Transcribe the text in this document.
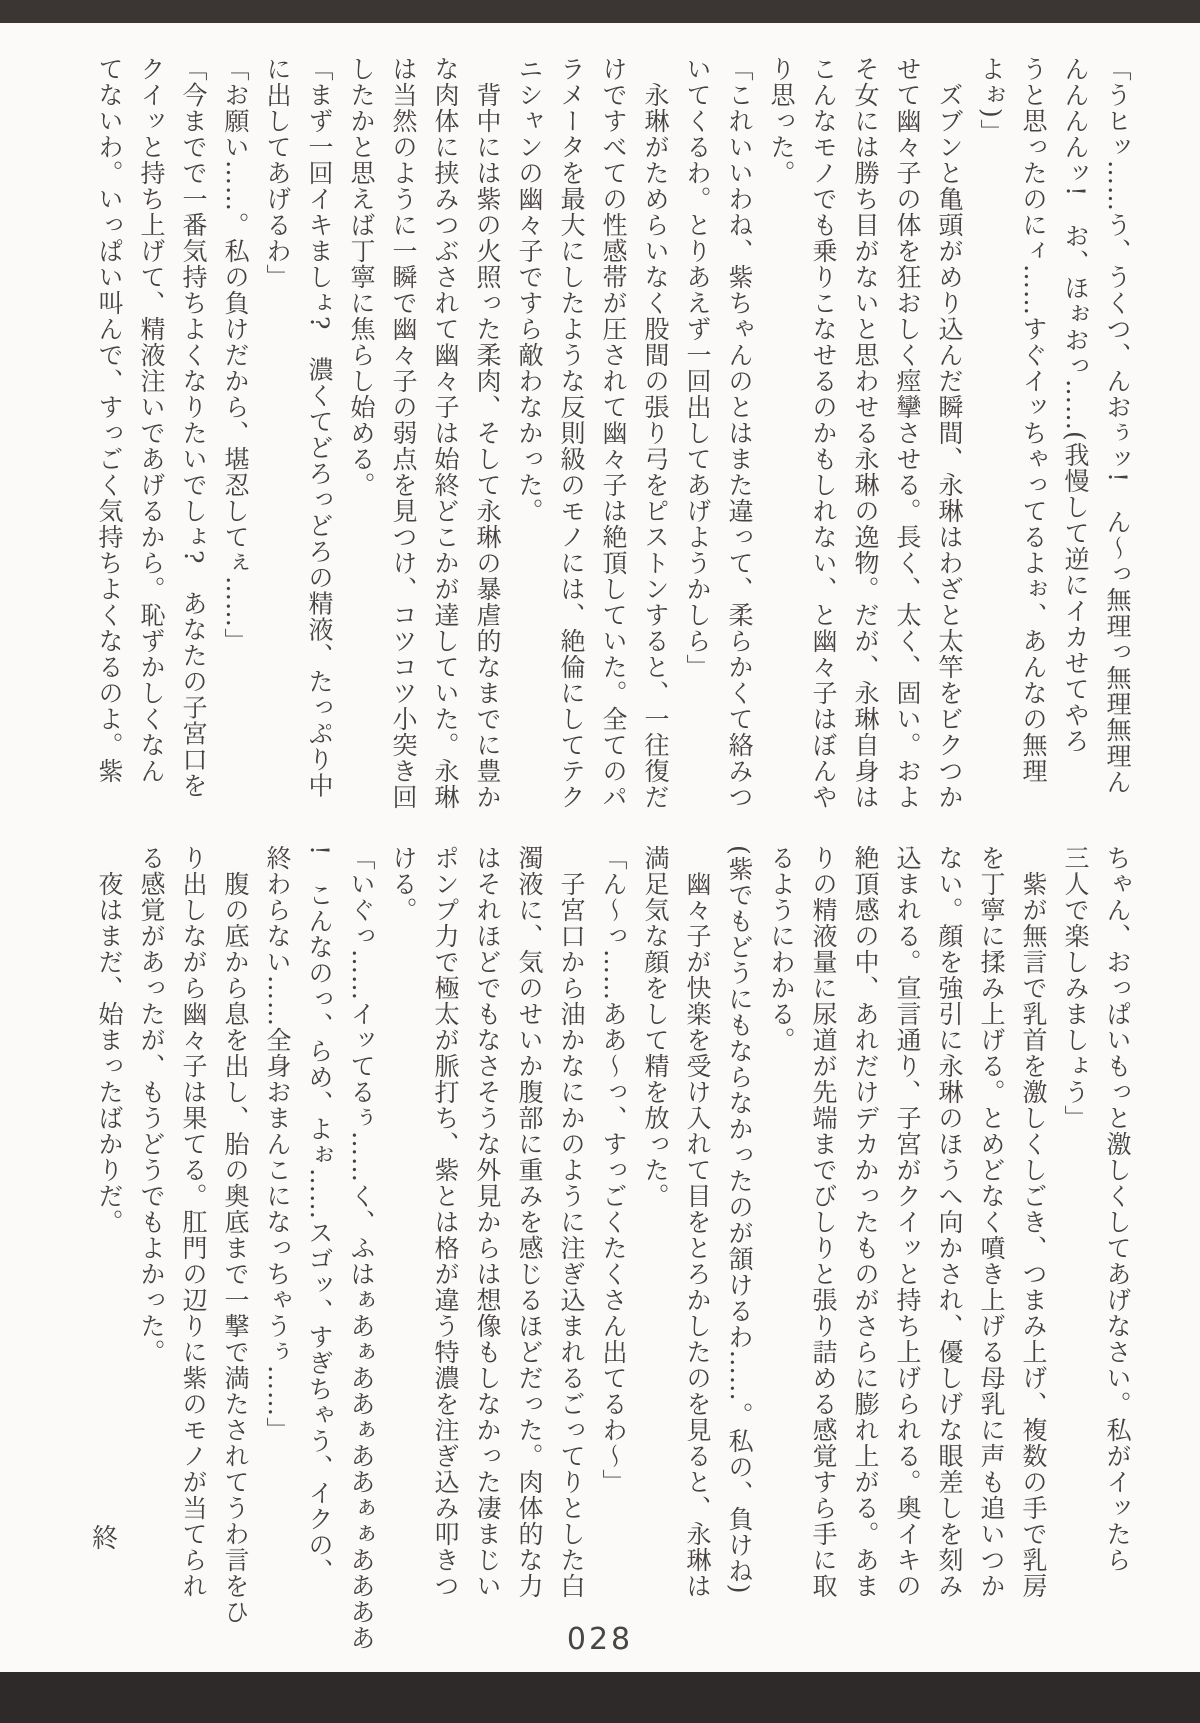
「うヒッ……う、うくつ、んおぅッ!　ん〜っ無理っ無理無理ん
んんんんッ!　お、ほぉおっ……(我慢して逆にイカせてやろ
うと思ったのにィ……すぐイッちゃってるよぉ、あんなの無理
よぉ)」
　ズブンと亀頭がめり込んだ瞬間、永琳はわざと太竿をビクつか
せて幽々子の体を狂おしく痙攣させる。長く、太く、固い。およ
そ女には勝ち目がないと思わせる永琳の逸物。だが、永琳自身は
こんなモノでも乗りこなせるのかもしれない、と幽々子はぼんや
り思った。
「これいいわね、紫ちゃんのとはまた違って、柔らかくて絡みつ
いてくるわ。とりあえず一回出してあげようかしら」
　永琳がためらいなく股間の張り弓をピストンすると、一往復だ
けですべての性感帯が圧されて幽々子は絶頂していた。全てのパ
ラメータを最大にしたような反則級のモノには、絶倫にしてテク
ニシャンの幽々子ですら敵わなかった。
　背中には紫の火照った柔肉、そして永琳の暴虐的なまでに豊か
な肉体に挟みつぶされて幽々子は始終どこかが達していた。永琳
は当然のように一瞬で幽々子の弱点を見つけ、コツコツ小突き回
したかと思えば丁寧に焦らし始める。
「まず一回イキましょ?　濃くてどろっどろの精液、たっぷり中
に出してあげるわ」
「お願い……。私の負けだから、堪忍してぇ……」
「今までで一番気持ちよくなりたいでしょ?　あなたの子宮口を
クイッと持ち上げて、精液注いであげるから。恥ずかしくなん
てないわ。いっぱい叫んで、すっごく気持ちよくなるのよ。紫
ちゃん、おっぱいもっと激しくしてあげなさい。私がイッたら
三人で楽しみましょう」
　紫が無言で乳首を激しくしごき、つまみ上げ、複数の手で乳房
を丁寧に揉み上げる。とめどなく噴き上げる母乳に声も追いつか
ない。顔を強引に永琳のほうへ向かされ、優しげな眼差しを刻み
込まれる。宣言通り、子宮がクイッと持ち上げられる。奥イキの
絶頂感の中、あれだけデカかったものがさらに膨れ上がる。あま
りの精液量に尿道が先端までびしりと張り詰める感覚すら手に取
るようにわかる。
(紫でもどうにもならなかったのが頷けるわ……。私の、負けね)
　幽々子が快楽を受け入れて目をとろかしたのを見ると、永琳は
満足気な顔をして精を放った。
「ん〜っ……ああ〜っ、すっごくたくさん出てるわ〜」
　子宮口から油かなにかのように注ぎ込まれるごってりとした白
濁液に、気のせいか腹部に重みを感じるほどだった。肉体的な力
はそれほどでもなさそうな外見からは想像もしなかった凄まじい
ポンプ力で極太が脈打ち、紫とは格が違う特濃を注ぎ込み叩きつ
ける。
「いぐっ……イッてるぅ……く、ふはぁあぁああぁああぁぁああああ
!　こんなのっ、らめ、よぉ……スゴッ、すぎちゃう、イクの、
終わらない……全身おまんこになっちゃうぅ……」
　腹の底から息を出し、胎の奥底まで一撃で満たされてうわ言をひ
り出しながら幽々子は果てる。肛門の辺りに紫のモノが当てられ
る感覚があったが、もうどうでもよかった。
　夜はまだ、始まったばかりだ。
終
028
